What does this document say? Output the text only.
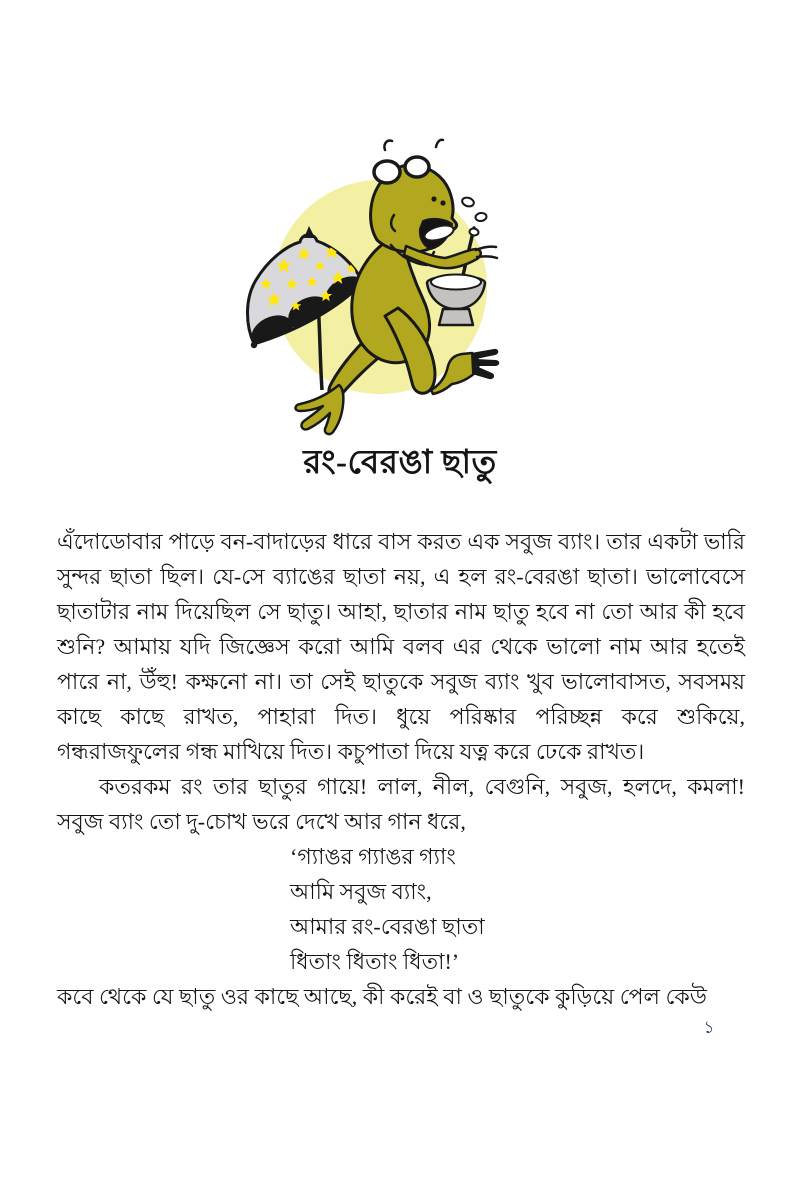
রং-বেরঙা ছাতু

এঁদোডোবার পাড়ে বন-বাদাড়ের ধারে বাস করত এক সবুজ ব্যাং। তার একটা ভারি সুন্দর ছাতা ছিল। যে-সে ব্যাঙের ছাতা নয়, এ হল রং-বেরঙা ছাতা। ভালোবেসে ছাতাটার নাম দিয়েছিল সে ছাতু। আহা, ছাতার নাম ছাতু হবে না তো আর কী হবে শুনি? আমায় যদি জিজ্ঞেস করো আমি বলব এর থেকে ভালো নাম আর হতেই পারে না, উঁহু! কক্ষনো না। তা সেই ছাতুকে সবুজ ব্যাং খুব ভালোবাসত, সবসময় কাছে কাছে রাখত, পাহারা দিত। ধুয়ে পরিষ্কার পরিচ্ছন্ন করে শুকিয়ে, গন্ধরাজফুলের গন্ধ মাখিয়ে দিত। কচুপাতা দিয়ে যত্ন করে ঢেকে রাখত।

কতরকম রং তার ছাতুর গায়ে! লাল, নীল, বেগুনি, সবুজ, হলদে, কমলা! সবুজ ব্যাং তো দু-চোখ ভরে দেখে আর গান ধরে,

‘গ্যাঙর গ্যাঙর গ্যাং
আমি সবুজ ব্যাং,
আমার রং-বেরঙা ছাতা
ধিতাং ধিতাং ধিতা!’

কবে থেকে যে ছাতু ওর কাছে আছে, কী করেই বা ও ছাতুকে কুড়িয়ে পেল কেউ

১
